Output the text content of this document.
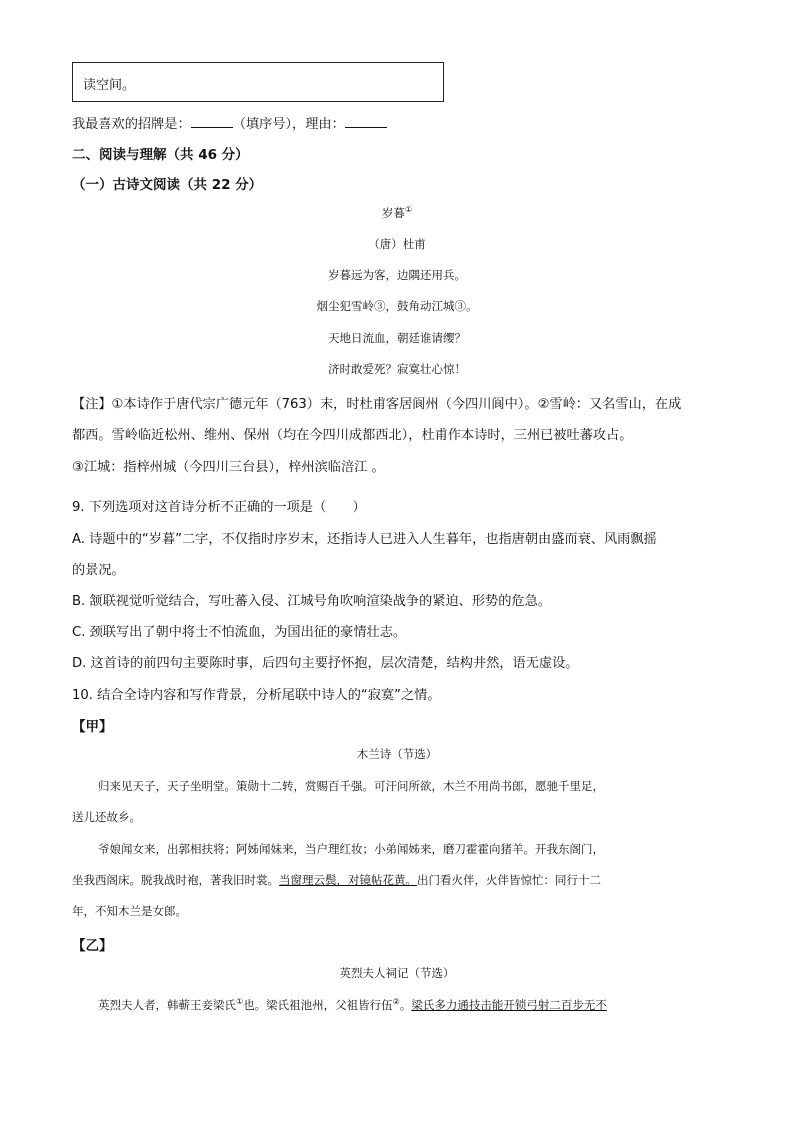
读空间。
我最喜欢的招牌是：	（填序号），理由：
二、阅读与理解（共 46 分）
（一）古诗文阅读（共 22 分）
岁暮①
（唐）杜甫
岁暮远为客，边隅还用兵。
烟尘犯雪岭③，鼓角动江城③。
天地日流血，朝廷谁请缨？
济时敢爱死？寂寞壮心惊！
【注】①本诗作于唐代宗广德元年（763）末，时杜甫客居阆州（今四川阆中）。②雪岭：又名雪山，在成
都西。雪岭临近松州、维州、保州（均在今四川成都西北），杜甫作本诗时，三州已被吐蕃攻占。
③江城：指梓州城（今四川三台县），梓州滨临涪江 。
9. 下列选项对这首诗分析不正确的一项是（　　）
A. 诗题中的“岁暮”二字，不仅指时序岁末，还指诗人已进入人生暮年，也指唐朝由盛而衰、风雨飘摇
的景况。
B. 颔联视觉听觉结合，写吐蕃入侵、江城号角吹响渲染战争的紧迫、形势的危急。
C. 颈联写出了朝中将士不怕流血，为国出征的豪情壮志。
D. 这首诗的前四句主要陈时事，后四句主要抒怀抱，层次清楚，结构井然，语无虚设。
10. 结合全诗内容和写作背景，分析尾联中诗人的“寂寞”之情。
【甲】
木兰诗（节选）
归来见天子，天子坐明堂。策勋十二转，赏赐百千强。可汗问所欲，木兰不用尚书郎，愿驰千里足，
送儿还故乡。
爷娘闻女来，出郭相扶将；阿姊闻妹来，当户理红妆；小弟闻姊来，磨刀霍霍向猪羊。开我东阁门，
坐我西阁床。脱我战时袍，著我旧时裳。当窗理云鬓，对镜帖花黄。出门看火伴，火伴皆惊忙：同行十二
年，不知木兰是女郎。
【乙】
英烈夫人祠记（节选）
英烈夫人者，韩蕲王妾梁氏①也。梁氏祖池州，父祖皆行伍②。梁氏多力通技击能开锁弓射二百步无不
